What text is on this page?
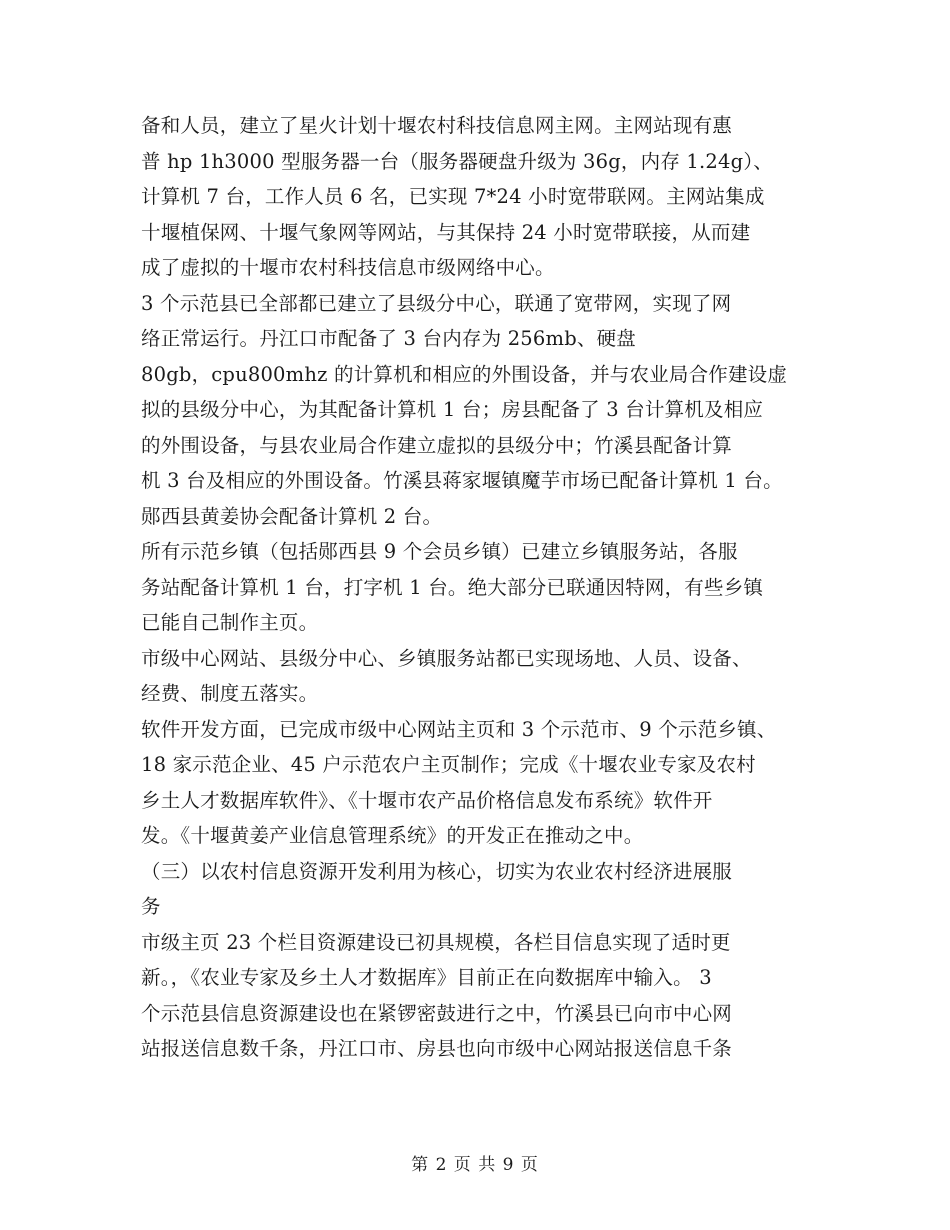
备和人员，建立了星火计划十堰农村科技信息网主网。主网站现有惠
普 hp 1h3000 型服务器一台（服务器硬盘升级为 36g，内存 1.24g）、
计算机 7 台，工作人员 6 名，已实现 7*24 小时宽带联网。主网站集成
十堰植保网、十堰气象网等网站，与其保持 24 小时宽带联接，从而建
成了虚拟的十堰市农村科技信息市级网络中心。
3 个示范县已全部都已建立了县级分中心，联通了宽带网，实现了网
络正常运行。丹江口市配备了 3 台内存为 256mb、硬盘
80gb，cpu800mhz 的计算机和相应的外围设备，并与农业局合作建设虚
拟的县级分中心，为其配备计算机 1 台；房县配备了 3 台计算机及相应
的外围设备，与县农业局合作建立虚拟的县级分中；竹溪县配备计算
机 3 台及相应的外围设备。竹溪县蒋家堰镇魔芋市场已配备计算机 1 台。
郧西县黄姜协会配备计算机 2 台。
所有示范乡镇（包括郧西县 9 个会员乡镇）已建立乡镇服务站，各服
务站配备计算机 1 台，打字机 1 台。绝大部分已联通因特网，有些乡镇
已能自己制作主页。
市级中心网站、县级分中心、乡镇服务站都已实现场地、人员、设备、
经费、制度五落实。
软件开发方面，已完成市级中心网站主页和 3 个示范市、9 个示范乡镇、
18 家示范企业、45 户示范农户主页制作；完成《十堰农业专家及农村
乡土人才数据库软件》、《十堰市农产品价格信息发布系统》软件开
发。《十堰黄姜产业信息管理系统》的开发正在推动之中。
（三）以农村信息资源开发利用为核心，切实为农业农村经济进展服
务
市级主页 23 个栏目资源建设已初具规模，各栏目信息实现了适时更
新。，《农业专家及乡土人才数据库》目前正在向数据库中输入。 3
个示范县信息资源建设也在紧锣密鼓进行之中，竹溪县已向市中心网
站报送信息数千条，丹江口市、房县也向市级中心网站报送信息千条
第 2 页 共 9 页
